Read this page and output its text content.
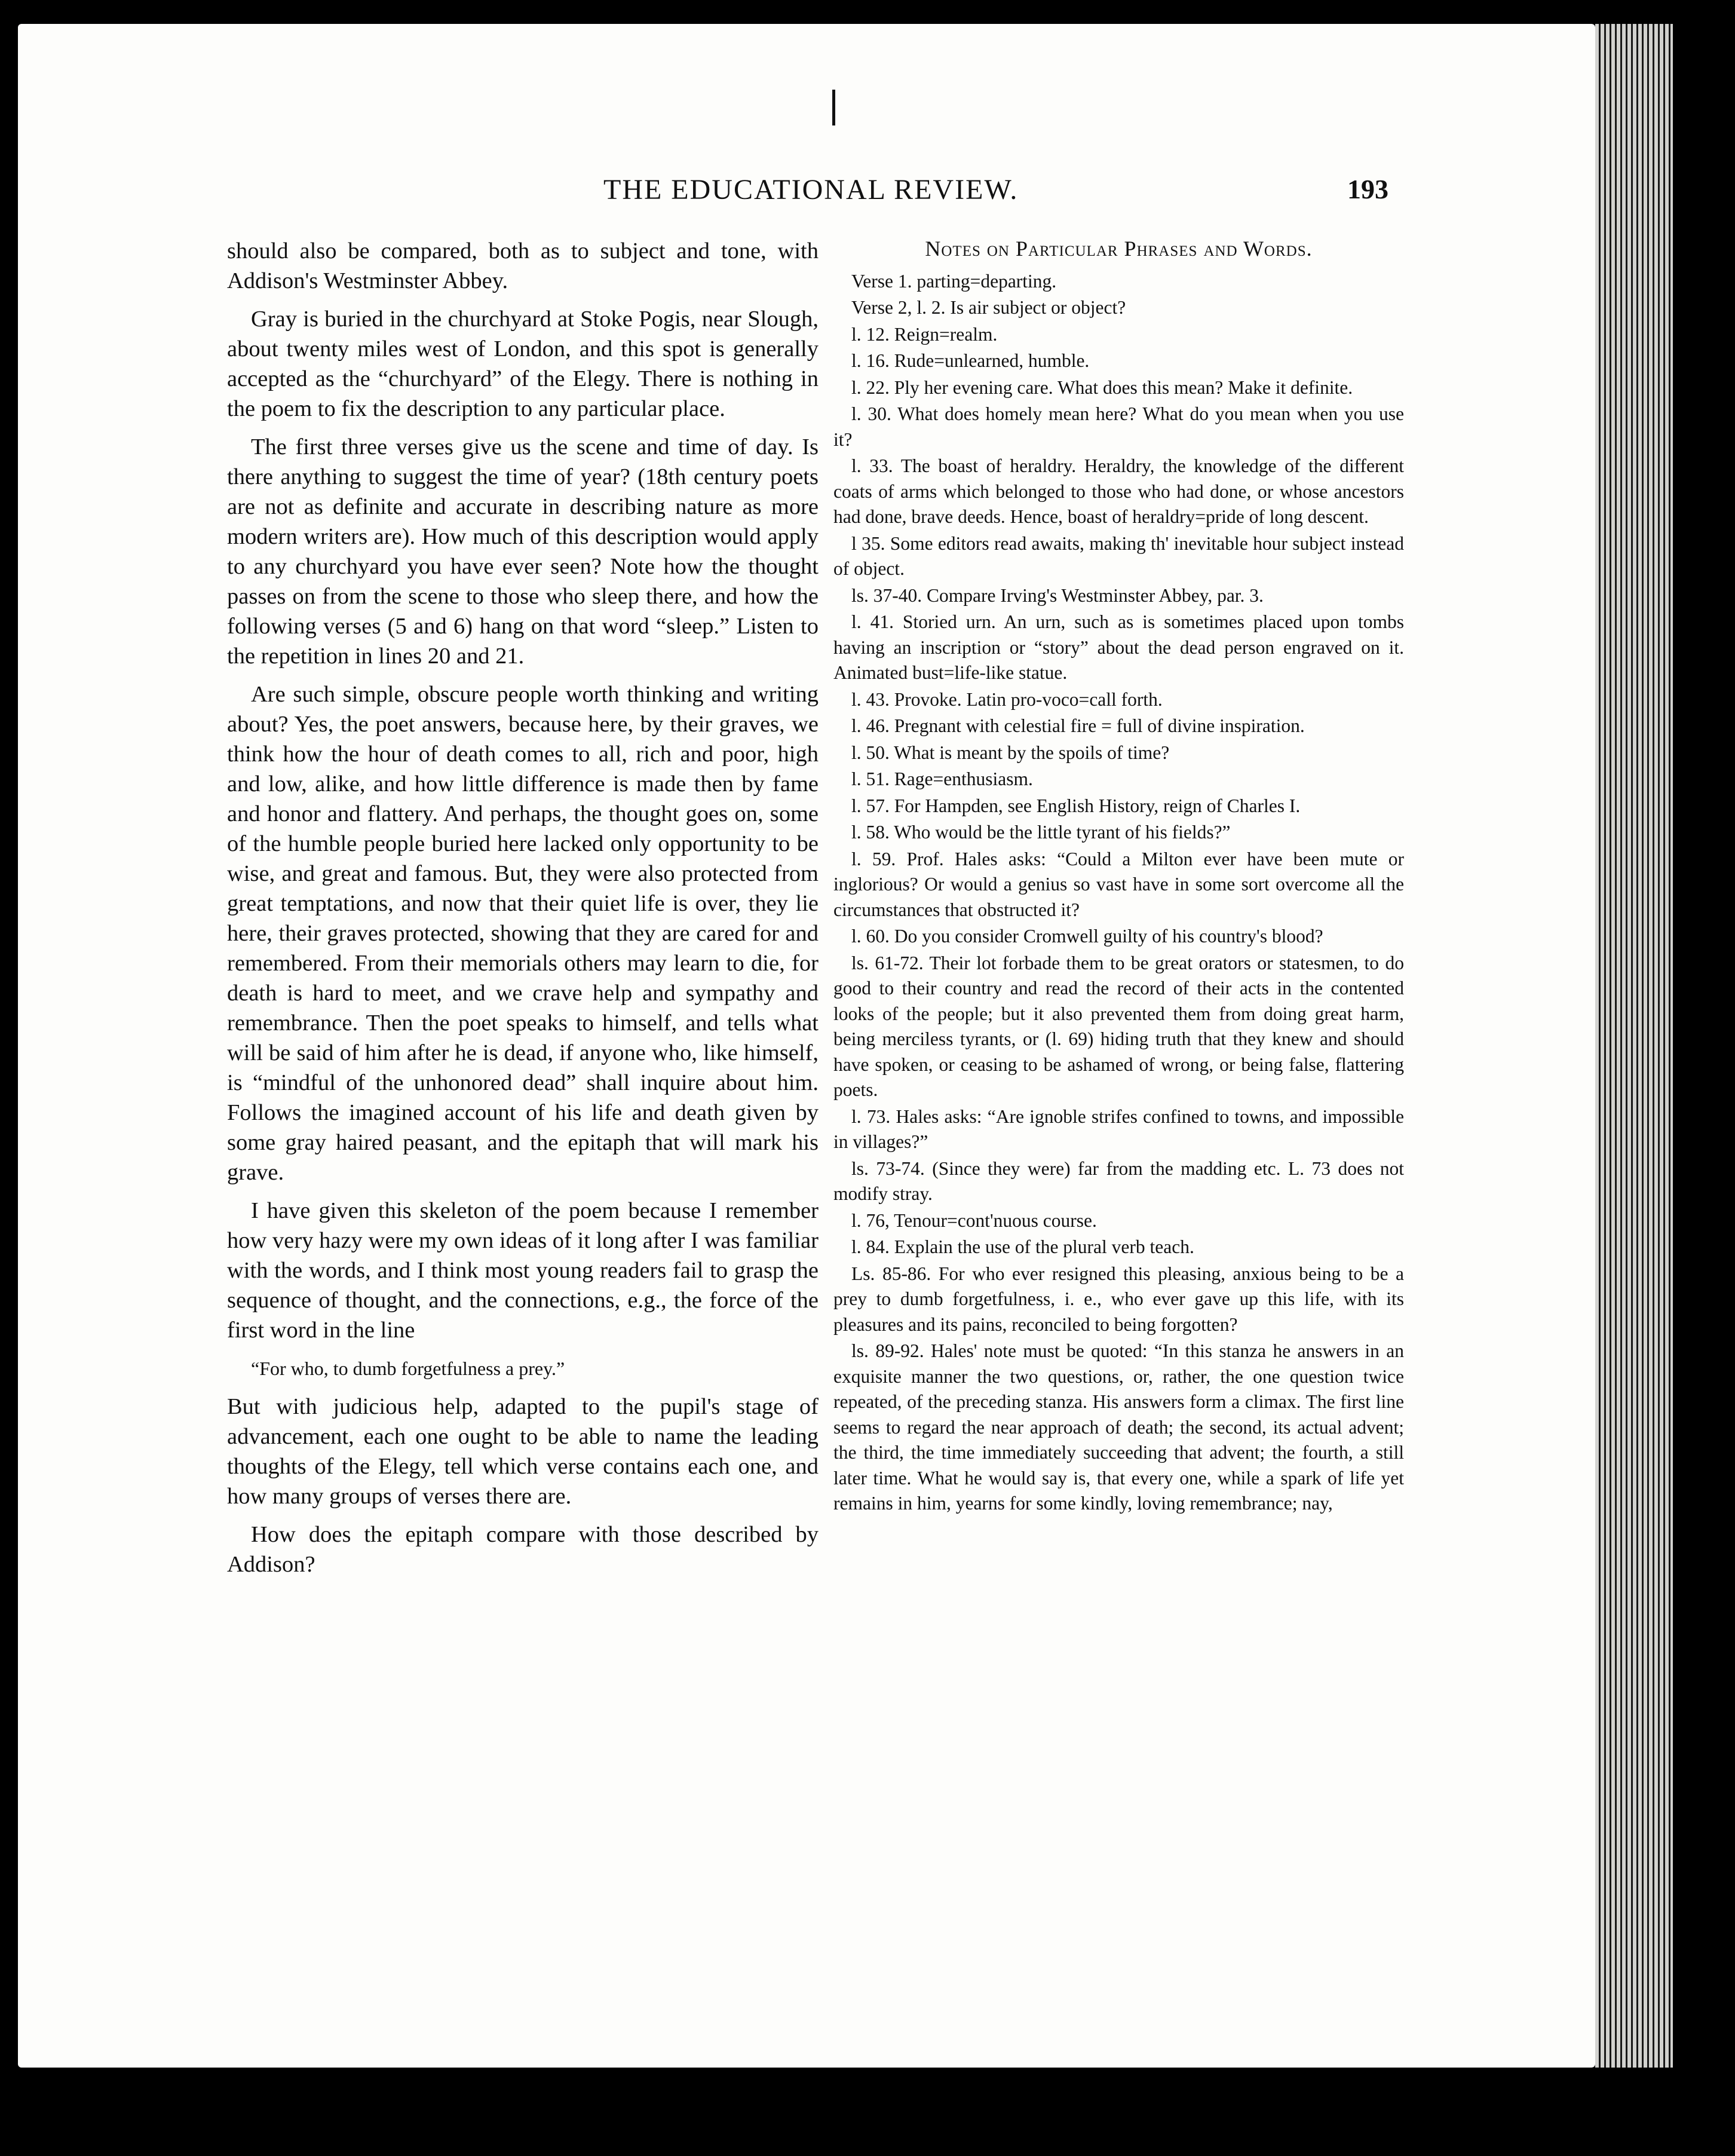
THE EDUCATIONAL REVIEW.	193

should also be compared, both as to subject and tone, with Addison's Westminster Abbey.

Gray is buried in the churchyard at Stoke Pogis, near Slough, about twenty miles west of London, and this spot is generally accepted as the “churchyard” of the Elegy. There is nothing in the poem to fix the description to any particular place.

The first three verses give us the scene and time of day. Is there anything to suggest the time of year? (18th century poets are not as definite and accurate in describing nature as more modern writers are). How much of this description would apply to any churchyard you have ever seen? Note how the thought passes on from the scene to those who sleep there, and how the following verses (5 and 6) hang on that word “sleep.” Listen to the repetition in lines 20 and 21.

Are such simple, obscure people worth thinking and writing about? Yes, the poet answers, because here, by their graves, we think how the hour of death comes to all, rich and poor, high and low, alike, and how little difference is made then by fame and honor and flattery. And perhaps, the thought goes on, some of the humble people buried here lacked only opportunity to be wise, and great and famous. But, they were also protected from great temptations, and now that their quiet life is over, they lie here, their graves protected, showing that they are cared for and remembered. From their memorials others may learn to die, for death is hard to meet, and we crave help and sympathy and remembrance. Then the poet speaks to himself, and tells what will be said of him after he is dead, if anyone who, like himself, is “mindful of the unhonored dead” shall inquire about him. Follows the imagined account of his life and death given by some gray haired peasant, and the epitaph that will mark his grave.

I have given this skeleton of the poem because I remember how very hazy were my own ideas of it long after I was familiar with the words, and I think most young readers fail to grasp the sequence of thought, and the connections, e.g., the force of the first word in the line

“For who, to dumb forgetfulness a prey.”

But with judicious help, adapted to the pupil's stage of advancement, each one ought to be able to name the leading thoughts of the Elegy, tell which verse contains each one, and how many groups of verses there are.

How does the epitaph compare with those described by Addison?

Notes on Particular Phrases and Words.

Verse 1. parting=departing.

Verse 2, l. 2. Is air subject or object?

l. 12. Reign=realm.

l. 16. Rude=unlearned, humble.

l. 22. Ply her evening care. What does this mean? Make it definite.

l. 30. What does homely mean here? What do you mean when you use it?

l. 33. The boast of heraldry. Heraldry, the knowledge of the different coats of arms which belonged to those who had done, or whose ancestors had done, brave deeds. Hence, boast of heraldry=pride of long descent.

l 35. Some editors read awaits, making th' inevitable hour subject instead of object.

ls. 37-40. Compare Irving's Westminster Abbey, par. 3.

l. 41. Storied urn. An urn, such as is sometimes placed upon tombs having an inscription or “story” about the dead person engraved on it. Animated bust=life-like statue.

l. 43. Provoke. Latin pro-voco=call forth.

l. 46. Pregnant with celestial fire = full of divine inspiration.

l. 50. What is meant by the spoils of time?

l. 51. Rage=enthusiasm.

l. 57. For Hampden, see English History, reign of Charles I.

l. 58. Who would be the little tyrant of his fields?”

l. 59. Prof. Hales asks: “Could a Milton ever have been mute or inglorious? Or would a genius so vast have in some sort overcome all the circumstances that obstructed it?

l. 60. Do you consider Cromwell guilty of his country's blood?

ls. 61-72. Their lot forbade them to be great orators or statesmen, to do good to their country and read the record of their acts in the contented looks of the people; but it also prevented them from doing great harm, being merciless tyrants, or (l. 69) hiding truth that they knew and should have spoken, or ceasing to be ashamed of wrong, or being false, flattering poets.

l. 73. Hales asks: “Are ignoble strifes confined to towns, and impossible in villages?”

ls. 73-74. (Since they were) far from the madding etc. L. 73 does not modify stray.

l. 76, Tenour=cont'nuous course.

l. 84. Explain the use of the plural verb teach.

Ls. 85-86. For who ever resigned this pleasing, anxious being to be a prey to dumb forgetfulness, i. e., who ever gave up this life, with its pleasures and its pains, reconciled to being forgotten?

ls. 89-92. Hales' note must be quoted: “In this stanza he answers in an exquisite manner the two questions, or, rather, the one question twice repeated, of the preceding stanza. His answers form a climax. The first line seems to regard the near approach of death; the second, its actual advent; the third, the time immediately succeeding that advent; the fourth, a still later time. What he would say is, that every one, while a spark of life yet remains in him, yearns for some kindly, loving remembrance; nay,
